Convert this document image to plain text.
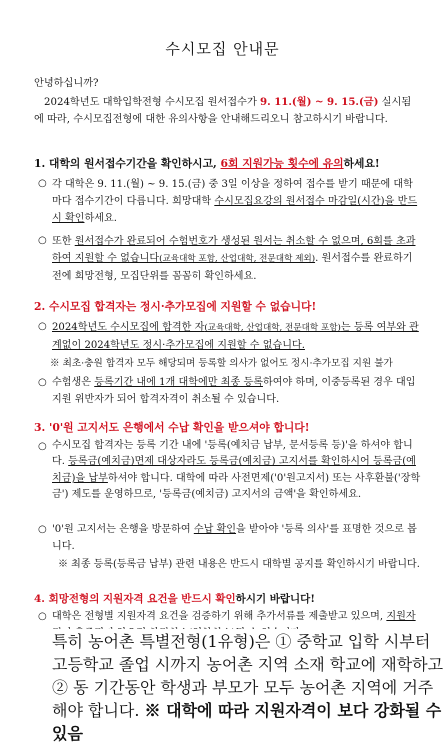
수시모집 안내문
안녕하십니까?
2024학년도 대학입학전형 수시모집 원서접수가 9. 11.(월) ~ 9. 15.(금) 실시됨에 따라, 수시모집전형에 대한 유의사항을 안내해드리오니 참고하시기 바랍니다.
1. 대학의 원서접수기간을 확인하시고, 6회 지원가능 횟수에 유의하세요!
○ 각 대학은 9. 11.(월) ~ 9. 15.(금) 중 3일 이상을 정하여 접수를 받기 때문에 대학마다 접수기간이 다릅니다. 희망대학 수시모집요강의 원서접수 마감일(시간)을 반드시 확인하세요.
○ 또한 원서접수가 완료되어 수험번호가 생성된 원서는 취소할 수 없으며, 6회를 초과하여 지원할 수 없습니다(교육대학 포함, 산업대학, 전문대학 제외). 원서접수를 완료하기 전에 희망전형, 모집단위를 꼼꼼히 확인하세요.
2. 수시모집 합격자는 정시·추가모집에 지원할 수 없습니다!
○ 2024학년도 수시모집에 합격한 자(교육대학, 산업대학, 전문대학 포함)는 등록 여부와 관계없이 2024학년도 정시·추가모집에 지원할 수 없습니다.
※ 최초·충원 합격자 모두 해당되며 등록할 의사가 없어도 정시·추가모집 지원 불가
○ 수험생은 등록기간 내에 1개 대학에만 최종 등록하여야 하며, 이중등록된 경우 대입지원 위반자가 되어 합격자격이 취소될 수 있습니다.
3. '0'원 고지서도 은행에서 수납 확인을 받으셔야 합니다!
○ 수시모집 합격자는 등록 기간 내에 '등록(예치금 납부, 문서등록 등)'을 하셔야 합니다. 등록금(예치금)면제 대상자라도 등록금(예치금) 고지서를 확인하시어 등록금(예치금)을 납부하셔야 합니다. 대학에 따라 사전면제('0'원고지서) 또는 사후환불('장학금') 제도를 운영하므로, '등록금(예치금) 고지서의 금액'을 확인하세요.
○ '0'원 고지서는 은행을 방문하여 수납 확인을 받아야 '등록 의사'를 표명한 것으로 봅니다.
※ 최종 등록(등록금 납부) 관련 내용은 반드시 대학별 공지를 확인하시기 바랍니다.
4. 회망전형의 지원자격 요건을 반드시 확인하시기 바랍니다!
○ 대학은 전형별 지원자격 요건을 검증하기 위해 추가서류를 제출받고 있으며, 지원자
특히 농어촌 특별전형(1유형)은 ① 중학교 입학 시부터 고등학교 졸업 시까지 농어촌 지역 소재 학교에 재학하고 ② 동 기간동안 학생과 부모가 모두 농어촌 지역에 거주해야 합니다. ※ 대학에 따라 지원자격이 보다 강화될 수 있음
